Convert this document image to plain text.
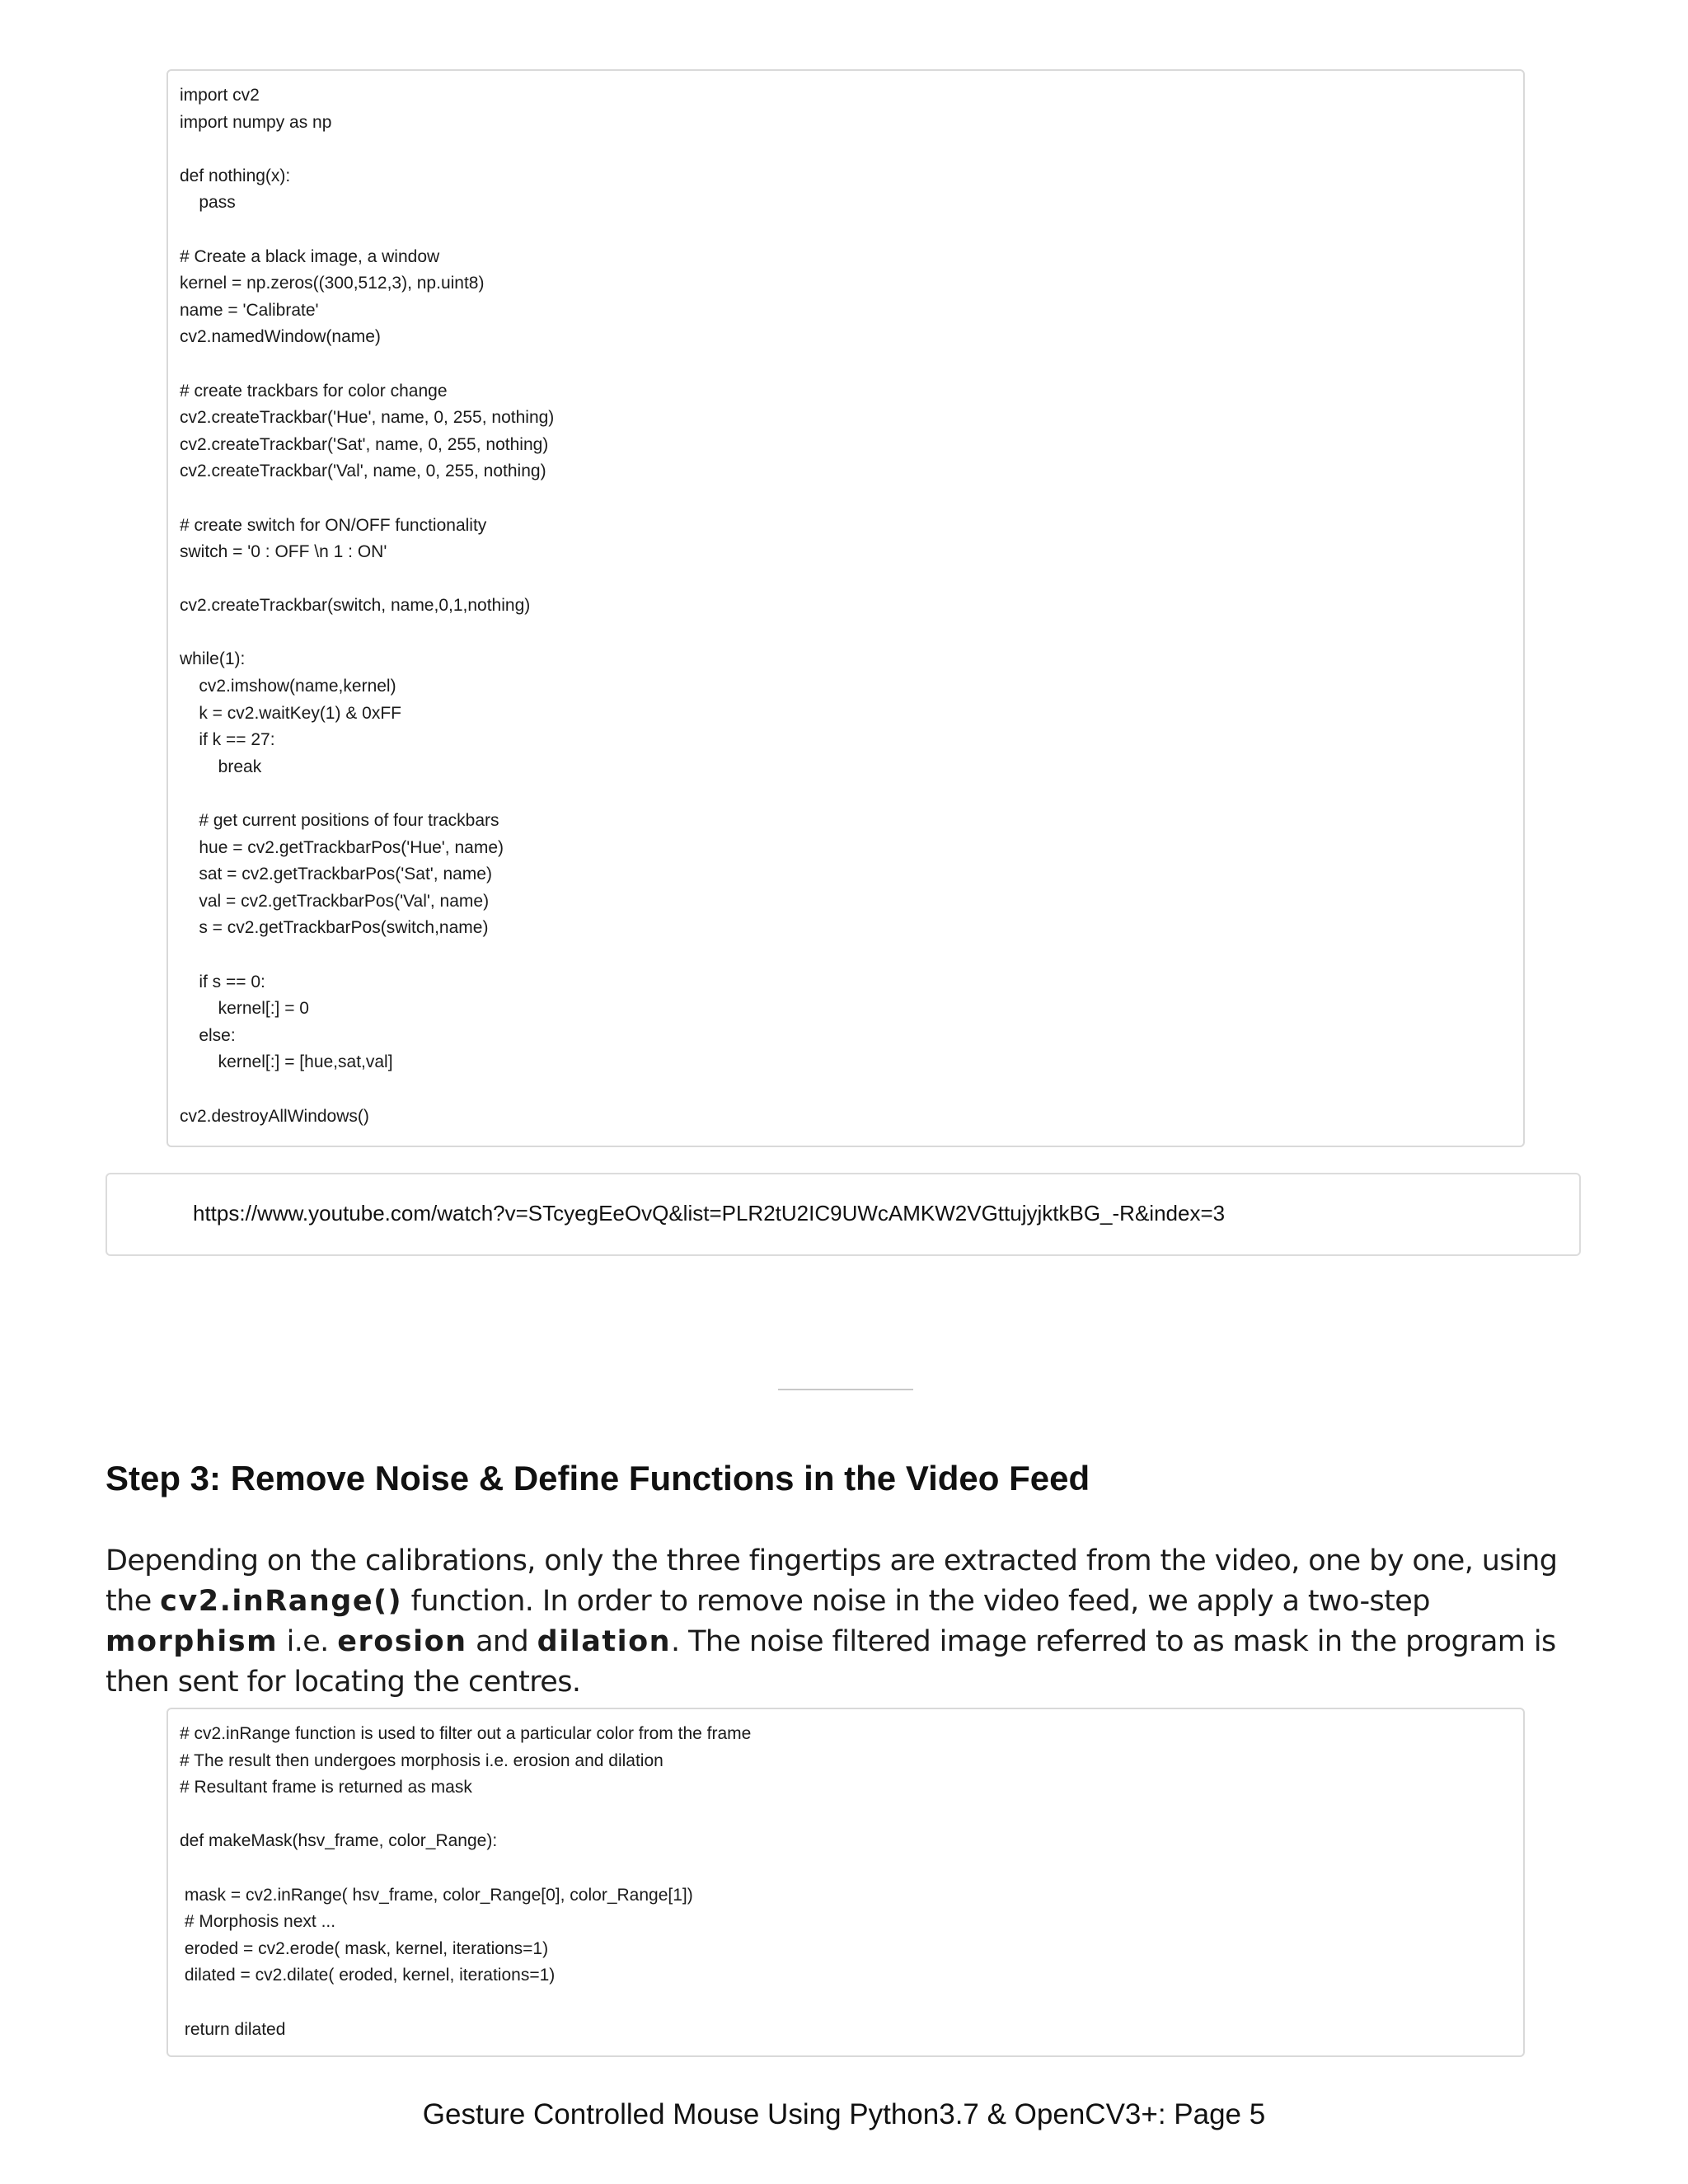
import cv2
import numpy as np
def nothing(x):
pass
# Create a black image, a window
kernel = np.zeros((300,512,3), np.uint8)
name = 'Calibrate'
cv2.namedWindow(name)
# create trackbars for color change
cv2.createTrackbar('Hue', name, 0, 255, nothing)
cv2.createTrackbar('Sat', name, 0, 255, nothing)
cv2.createTrackbar('Val', name, 0, 255, nothing)
# create switch for ON/OFF functionality
switch = '0 : OFF \n 1 : ON'
cv2.createTrackbar(switch, name,0,1,nothing)
while(1):
cv2.imshow(name,kernel)
k = cv2.waitKey(1) & 0xFF
if k == 27:
break
# get current positions of four trackbars
hue = cv2.getTrackbarPos('Hue', name)
sat = cv2.getTrackbarPos('Sat', name)
val = cv2.getTrackbarPos('Val', name)
s = cv2.getTrackbarPos(switch,name)
if s == 0:
kernel[:] = 0
else:
kernel[:] = [hue,sat,val]
cv2.destroyAllWindows()
https://www.youtube.com/watch?v=STcyegEeOvQ&list=PLR2tU2IC9UWcAMKW2VGttujyjktkBG_-R&index=3
Step 3: Remove Noise & Define Functions in the Video Feed

Depending on the calibrations, only the three fingertips are extracted from the video, one by one, using the cv2.inRange() function. In order to remove noise in the video feed, we apply a two-step morphism i.e. erosion and dilation. The noise filtered image referred to as mask in the program is then sent for locating the centres.

# cv2.inRange function is used to filter out a particular color from the frame
# The result then undergoes morphosis i.e. erosion and dilation
# Resultant frame is returned as mask
def makeMask(hsv_frame, color_Range):
mask = cv2.inRange( hsv_frame, color_Range[0], color_Range[1])
# Morphosis next ...
eroded = cv2.erode( mask, kernel, iterations=1)
dilated = cv2.dilate( eroded, kernel, iterations=1)
return dilated
Gesture Controlled Mouse Using Python3.7 & OpenCV3+: Page 5
